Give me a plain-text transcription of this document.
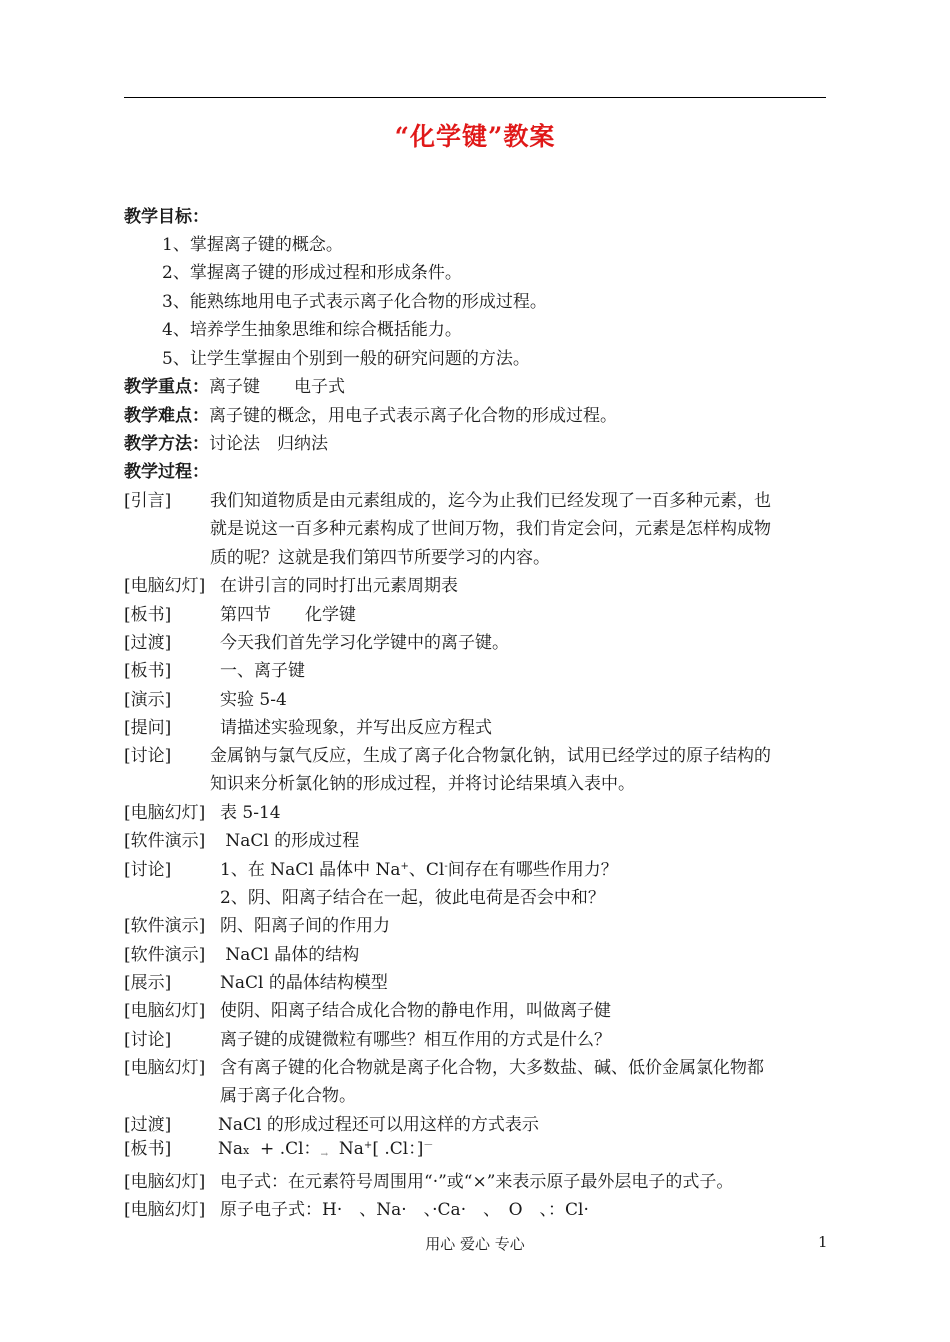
“化学键”教案
教学目标：
1、掌握离子键的概念。
2、掌握离子键的形成过程和形成条件。
3、能熟练地用电子式表示离子化合物的形成过程。
4、培养学生抽象思维和综合概括能力。
5、让学生掌握由个别到一般的研究问题的方法。
教学重点：离子键　　电子式
教学难点：离子键的概念，用电子式表示离子化合物的形成过程。
教学方法：讨论法　归纳法
教学过程：
[引言] 我们知道物质是由元素组成的，迄今为止我们已经发现了一百多种元素，也
就是说这一百多种元素构成了世间万物，我们肯定会问，元素是怎样构成物
质的呢？这就是我们第四节所要学习的内容。
[电脑幻灯] 在讲引言的同时打出元素周期表
[板书]	第四节　　化学键
[过渡]	今天我们首先学习化学键中的离子键。
[板书]	一、离子键
[演示]	实验 5-4
[提问]	请描述实验现象，并写出反应方程式
[讨论] 金属钠与氯气反应，生成了离子化合物氯化钠，试用已经学过的原子结构的
知识来分析氯化钠的形成过程，并将讨论结果填入表中。
[电脑幻灯] 表 5-14
[软件演示] NaCl 的形成过程
[讨论]	1、在 NaCl 晶体中 Na+、Cl-间存在有哪些作用力？
2、阴、阳离子结合在一起，彼此电荷是否会中和？
[软件演示] 阴、阳离子间的作用力
[软件演示] NaCl 晶体的结构
[展示]	NaCl 的晶体结构模型
[电脑幻灯] 使阴、阳离子结合成化合物的静电作用，叫做离子健
[讨论]	离子键的成键微粒有哪些？相互作用的方式是什么？
[电脑幻灯] 含有离子键的化合物就是离子化合物，大多数盐、碱、低价金属氯化物都
属于离子化合物。
[过渡]	NaCl 的形成过程还可以用这样的方式表示
[板书]	Nax  + .Cl：→  Na+[ .Cl：]－
[电脑幻灯] 电子式：在元素符号周围用“·”或“×”来表示原子最外层电子的式子。
[电脑幻灯] 原子电子式：H·　、Na·　、·Ca·　、　O　、：Cl·
用心 爱心 专心	1
